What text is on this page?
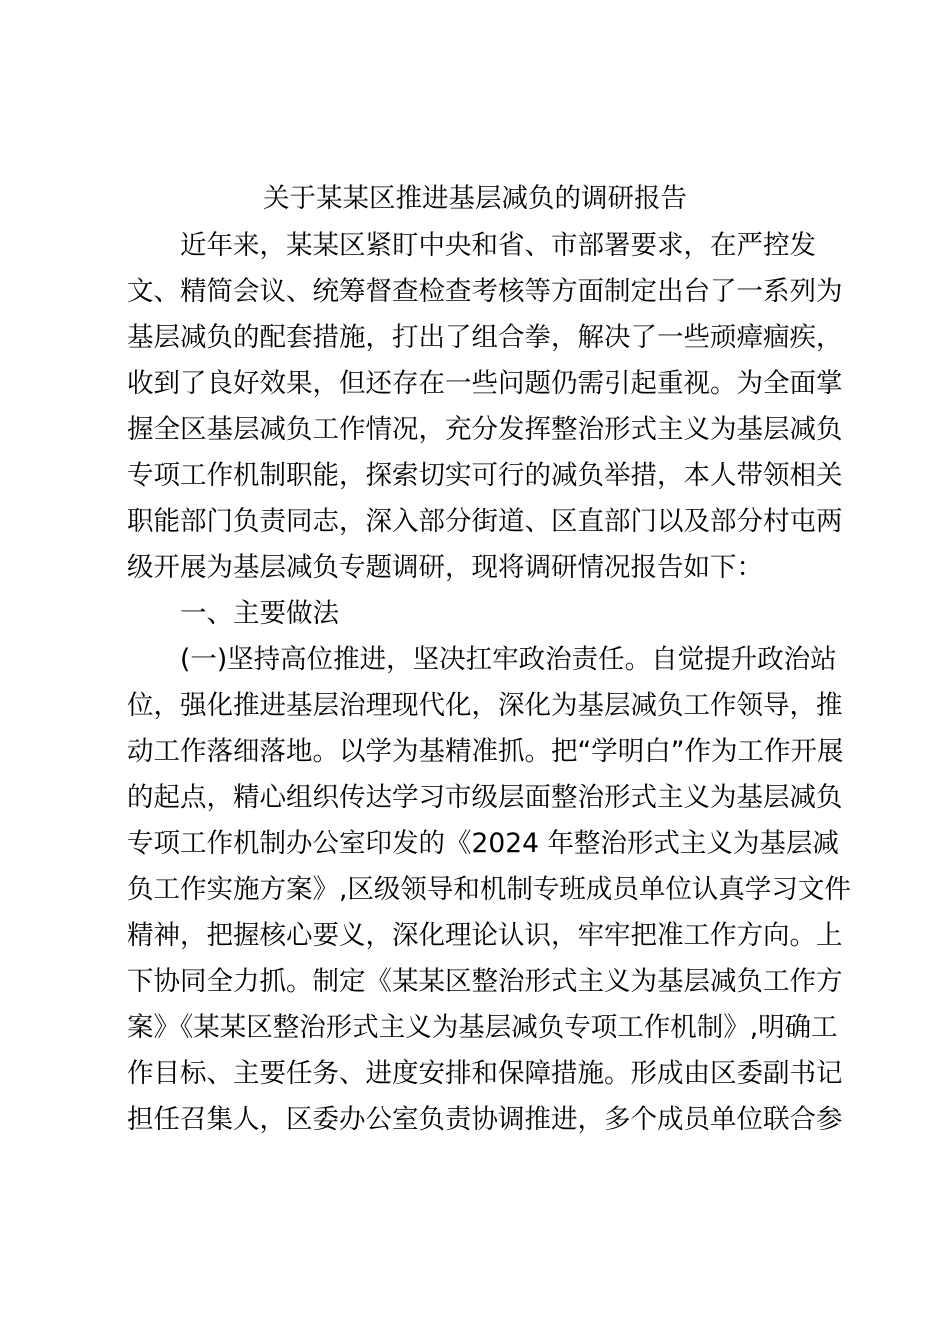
关于某某区推进基层减负的调研报告
近年来，某某区紧盯中央和省、市部署要求，在严控发
文、精简会议、统筹督查检查考核等方面制定出台了一系列为
基层减负的配套措施，打出了组合拳，解决了一些顽瘴痼疾，
收到了良好效果，但还存在一些问题仍需引起重视。为全面掌
握全区基层减负工作情况，充分发挥整治形式主义为基层减负
专项工作机制职能，探索切实可行的减负举措，本人带领相关
职能部门负责同志，深入部分街道、区直部门以及部分村屯两
级开展为基层减负专题调研，现将调研情况报告如下：
一、主要做法
(一)坚持高位推进，坚决扛牢政治责任。自觉提升政治站
位，强化推进基层治理现代化，深化为基层减负工作领导，推
动工作落细落地。以学为基精准抓。把“学明白”作为工作开展
的起点，精心组织传达学习市级层面整治形式主义为基层减负
专项工作机制办公室印发的《2024 年整治形式主义为基层减
负工作实施方案》,区级领导和机制专班成员单位认真学习文件
精神，把握核心要义，深化理论认识，牢牢把准工作方向。上
下协同全力抓。制定《某某区整治形式主义为基层减负工作方
案》《某某区整治形式主义为基层减负专项工作机制》,明确工
作目标、主要任务、进度安排和保障措施。形成由区委副书记
担任召集人，区委办公室负责协调推进，多个成员单位联合参
